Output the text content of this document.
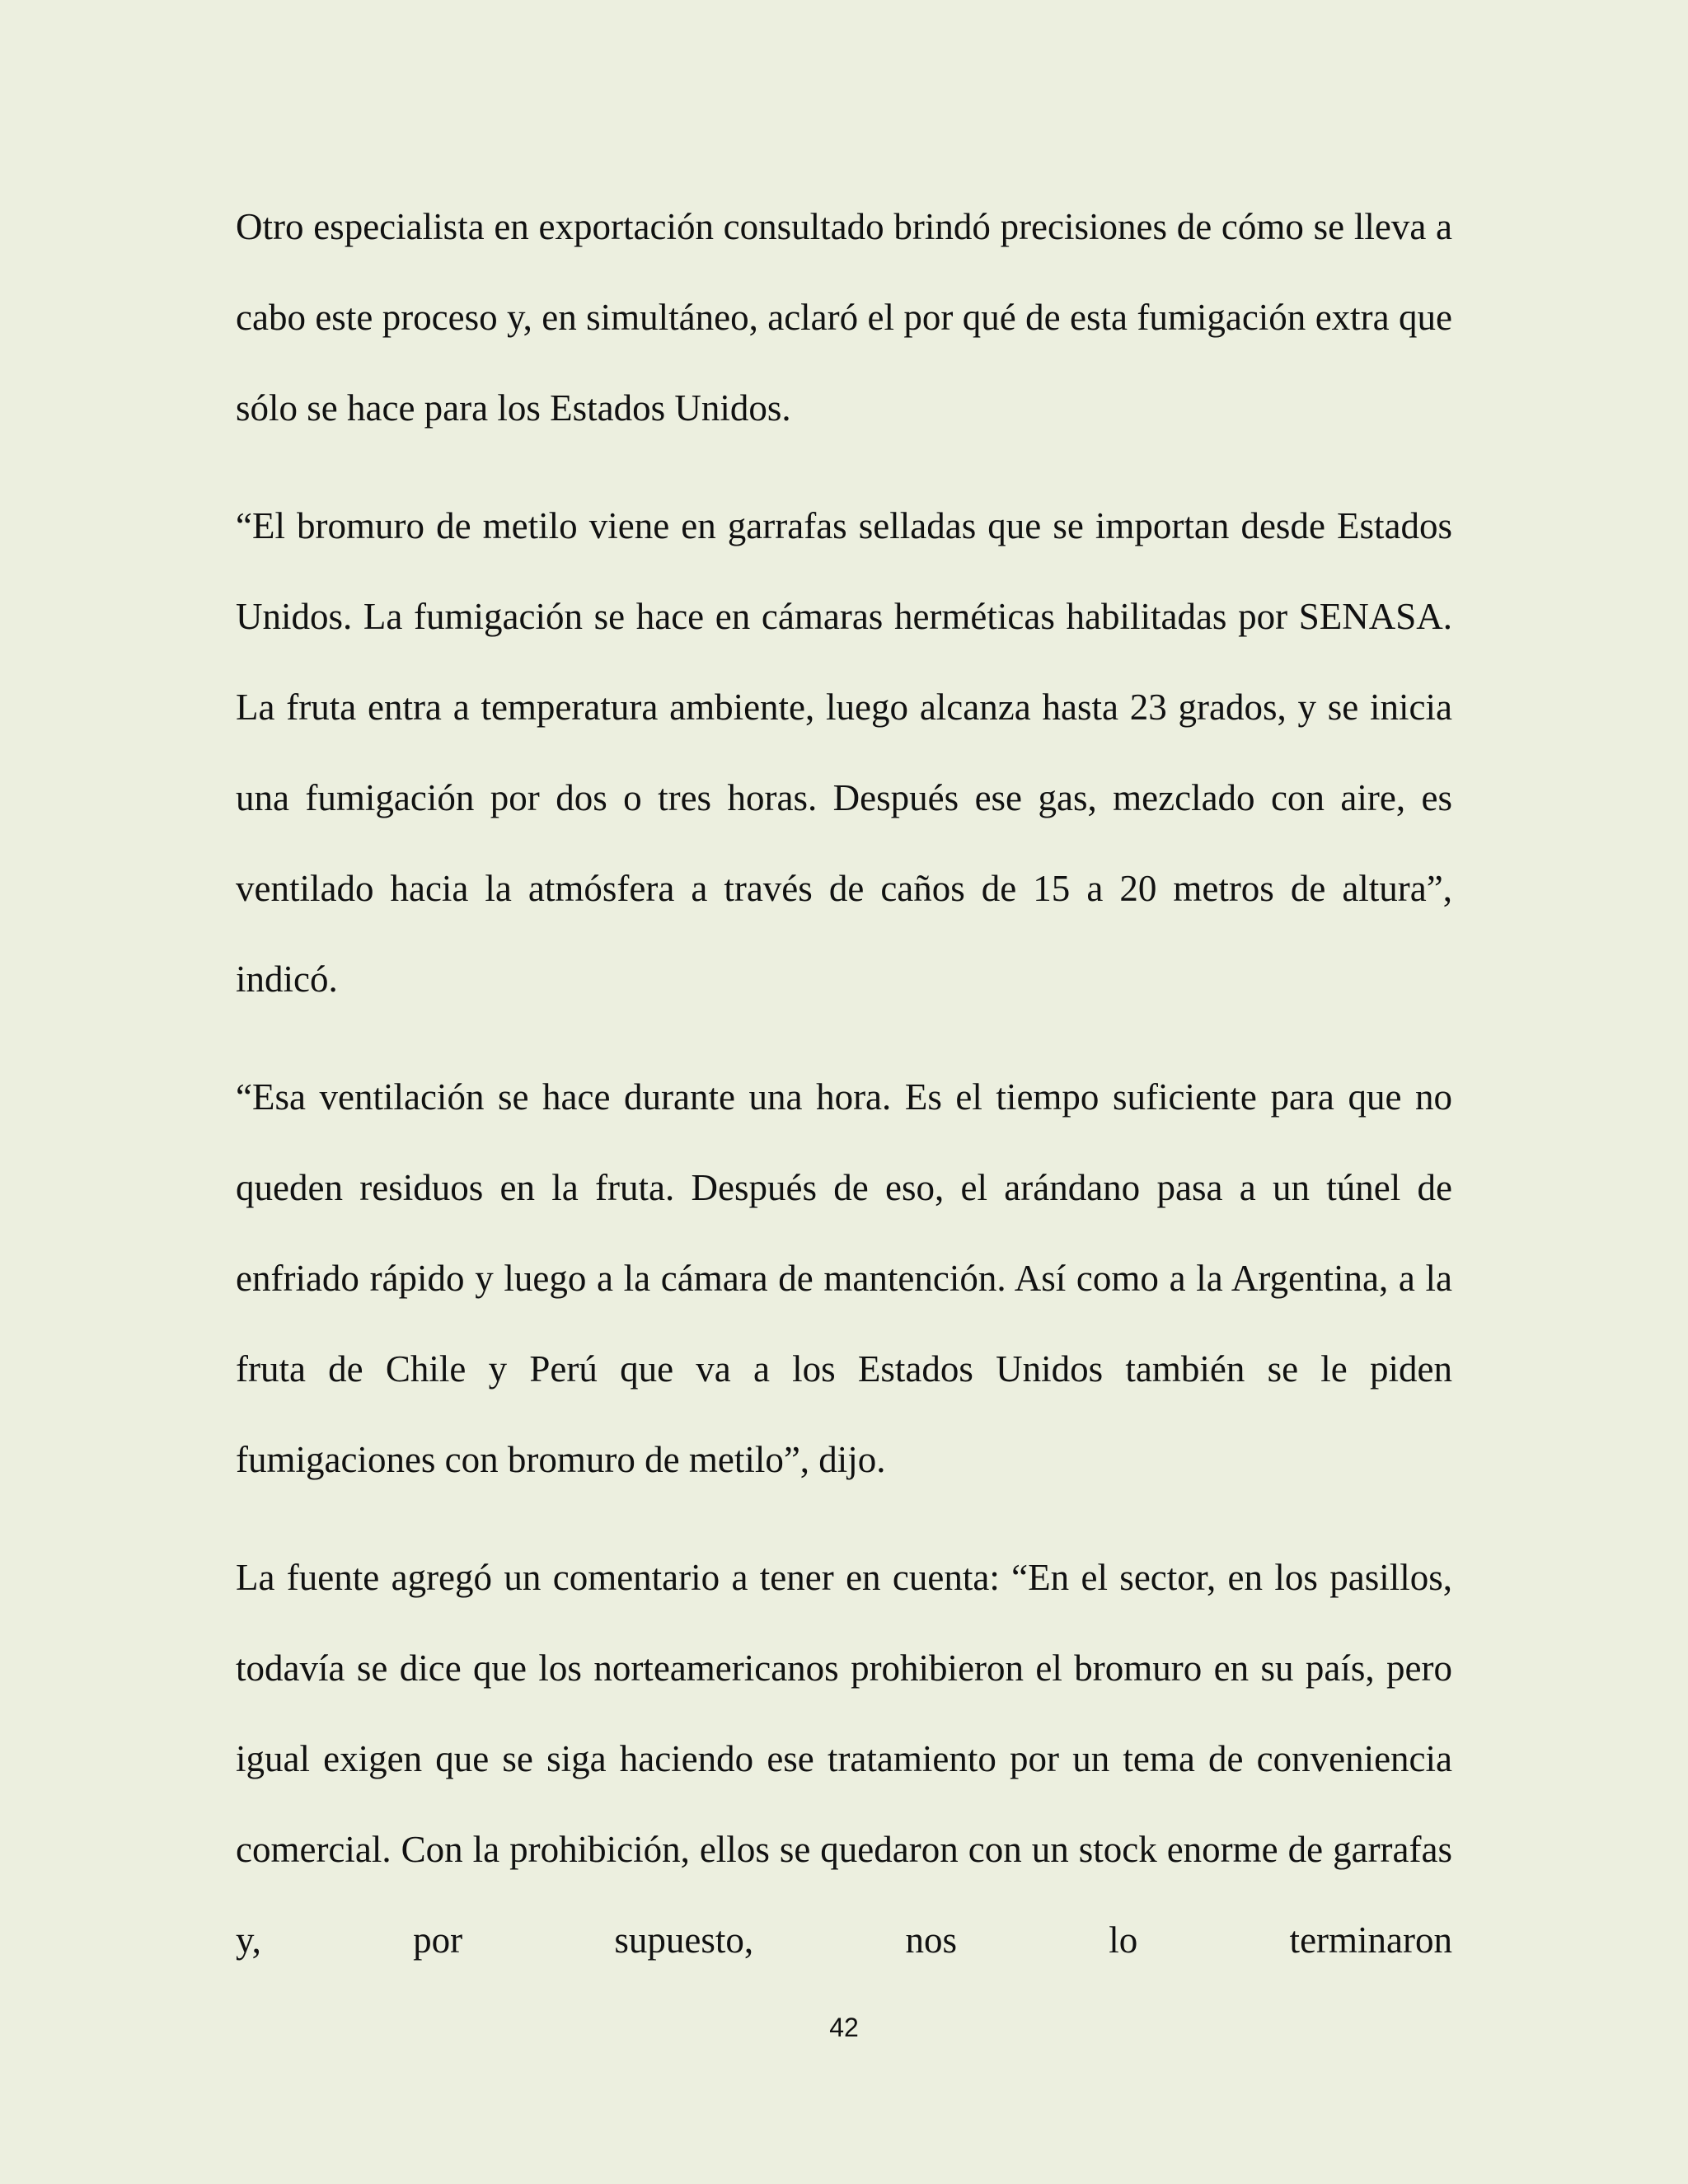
Otro especialista en exportación consultado brindó precisiones de cómo se lleva a cabo este proceso y, en simultáneo, aclaró el por qué de esta fumigación extra que sólo se hace para los Estados Unidos.

“El bromuro de metilo viene en garrafas selladas que se importan desde Estados Unidos. La fumigación se hace en cámaras herméticas habilitadas por SENASA. La fruta entra a temperatura ambiente, luego alcanza hasta 23 grados, y se inicia una fumigación por dos o tres horas. Después ese gas, mezclado con aire, es ventilado hacia la atmósfera a través de caños de 15 a 20 metros de altura”, indicó.

“Esa ventilación se hace durante una hora. Es el tiempo suficiente para que no queden residuos en la fruta. Después de eso, el arándano pasa a un túnel de enfriado rápido y luego a la cámara de mantención. Así como a la Argentina, a la fruta de Chile y Perú que va a los Estados Unidos también se le piden fumigaciones con bromuro de metilo”, dijo.

La fuente agregó un comentario a tener en cuenta: “En el sector, en los pasillos, todavía se dice que los norteamericanos prohibieron el bromuro en su país, pero igual exigen que se siga haciendo ese tratamiento por un tema de conveniencia comercial. Con la prohibición, ellos se quedaron con un stock enorme de garrafas y, por supuesto, nos lo terminaron

42
